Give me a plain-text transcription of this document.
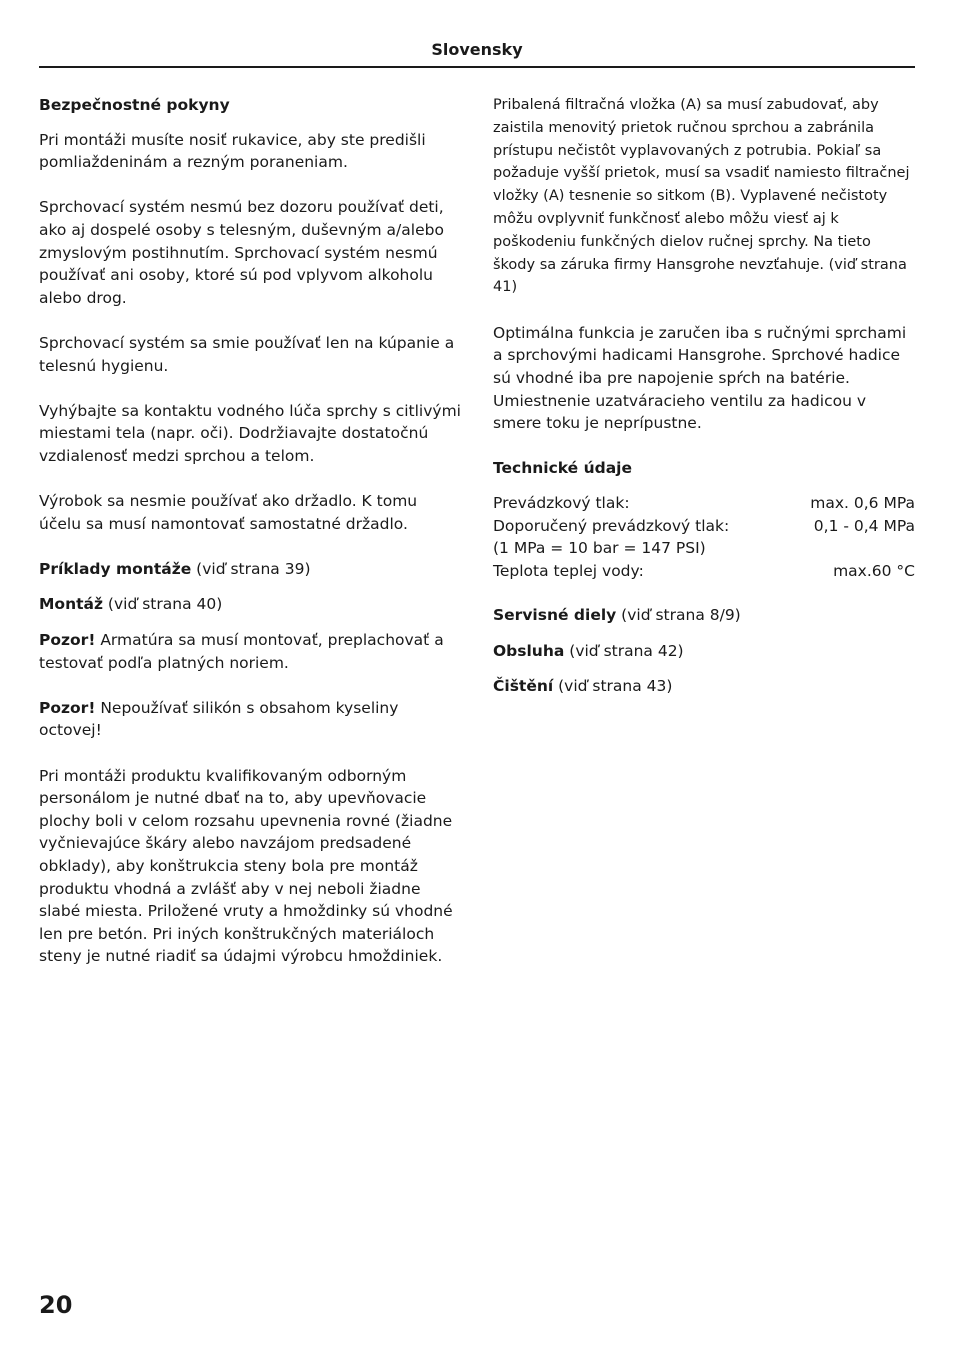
Slovensky
Bezpečnostné pokyny

Pri montáži musíte nosiť rukavice, aby ste predišli pomliaždeninám a rezným poraneniam.

Sprchovací systém nesmú bez dozoru používať deti, ako aj dospelé osoby s telesným, duševným a/alebo zmyslovým postihnutím. Sprchovací systém nesmú používať ani osoby, ktoré sú pod vplyvom alkoholu alebo drog.

Sprchovací systém sa smie používať len na kúpanie a telesnú hygienu.

Vyhýbajte sa kontaktu vodného lúča sprchy s citlivými miestami tela (napr. oči). Dodržiavajte dostatočnú vzdialenosť medzi sprchou a telom.

Výrobok sa nesmie používať ako držadlo. K tomu účelu sa musí namontovať samostatné držadlo.

Príklady montáže (viď strana 39)

Montáž (viď strana 40)

Pozor! Armatúra sa musí montovať, preplachovať a testovať podľa platných noriem.

Pozor! Nepoužívať silikón s obsahom kyseliny octovej!

Pri montáži produktu kvalifikovaným odborným personálom je nutné dbať na to, aby upevňovacie plochy boli v celom rozsahu upevnenia rovné (žiadne vyčnievajúce škáry alebo navzájom predsadené obklady), aby konštrukcia steny bola pre montáž produktu vhodná a zvlášť aby v nej neboli žiadne slabé miesta. Priložené vruty a hmoždinky sú vhodné len pre betón. Pri iných konštrukčných materiáloch steny je nutné riadiť sa údajmi výrobcu hmoždiniek.

Pribalená filtračná vložka (A) sa musí zabudovať, aby zaistila menovitý prietok ručnou sprchou a zabránila prístupu nečistôt vyplavovaných z potrubia. Pokiaľ sa požaduje vyšší prietok, musí sa vsadiť namiesto filtračnej vložky (A) tesnenie so sitkom (B). Vyplavené nečistoty môžu ovplyvniť funkčnosť alebo môžu viesť aj k poškodeniu funkčných dielov ručnej sprchy. Na tieto škody sa záruka firmy Hansgrohe nevzťahuje. (viď strana 41)

Optimálna funkcia je zaručen iba s ručnými sprchami a sprchovými hadicami Hansgrohe. Sprchové hadice sú vhodné iba pre napojenie spŕch na batérie. Umiestnenie uzatváracieho ventilu za hadicou v smere toku je neprípustne.

Technické údaje
Prevádzkový tlak:	max. 0,6 MPa
Doporučený prevádzkový tlak:	0,1 - 0,4 MPa
(1 MPa = 10 bar = 147 PSI)
Teplota teplej vody:	max.60 °C

Servisné diely (viď strana 8/9)

Obsluha (viď strana 42)

Čištění (viď strana 43)

20
